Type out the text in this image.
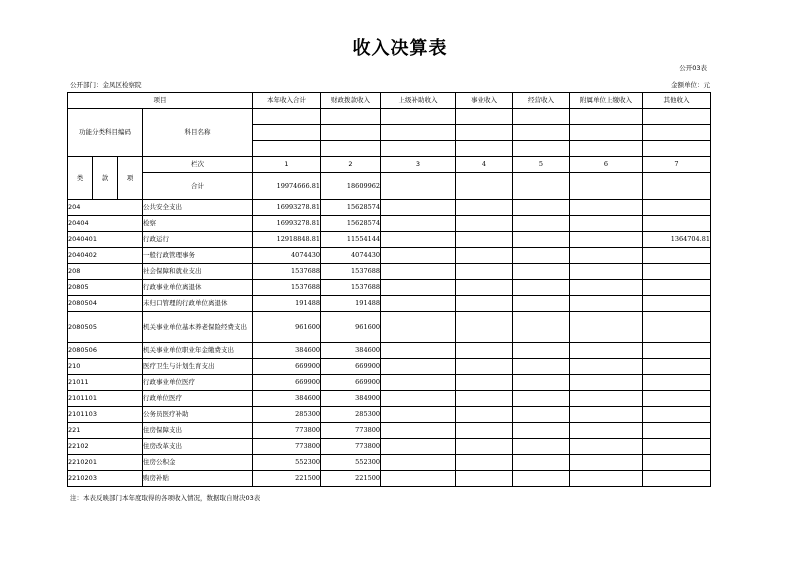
收入决算表
公开03表
公开部门：金凤区检察院	金额单位：元
项目				本年收入合计	财政拨款收入	上级补助收入	事业收入	经营收入	附属单位上缴收入	其他收入
功能分类科目编码			科目名称							

类	款	项	栏次	1	2	3	4	5	6	7
			合计	19974666.81	18609962					
204			公共安全支出	16993278.81	15628574					
20404			检察	16993278.81	15628574					
2040401			行政运行	12918848.81	11554144					1364704.81
2040402			一般行政管理事务	4074430	4074430					
208			社会保障和就业支出	1537688	1537688					
20805			行政事业单位离退休	1537688	1537688					
2080504			未归口管理的行政单位离退休	191488	191488					
2080505			机关事业单位基本养老保险经费支出	961600	961600					
2080506			机关事业单位职业年金缴费支出	384600	384600					
210			医疗卫生与计划生育支出	669900	669900					
21011			行政事业单位医疗	669900	669900					
2101101			行政单位医疗	384600	384900					
2101103			公务员医疗补助	285300	285300					
221			住房保障支出	773800	773800					
22102			住房改革支出	773800	773800					
2210201			住房公积金	552300	552300					
2210203			购房补贴	221500	221500					
注：本表反映部门本年度取得的各项收入情况，数据取自财决03表
